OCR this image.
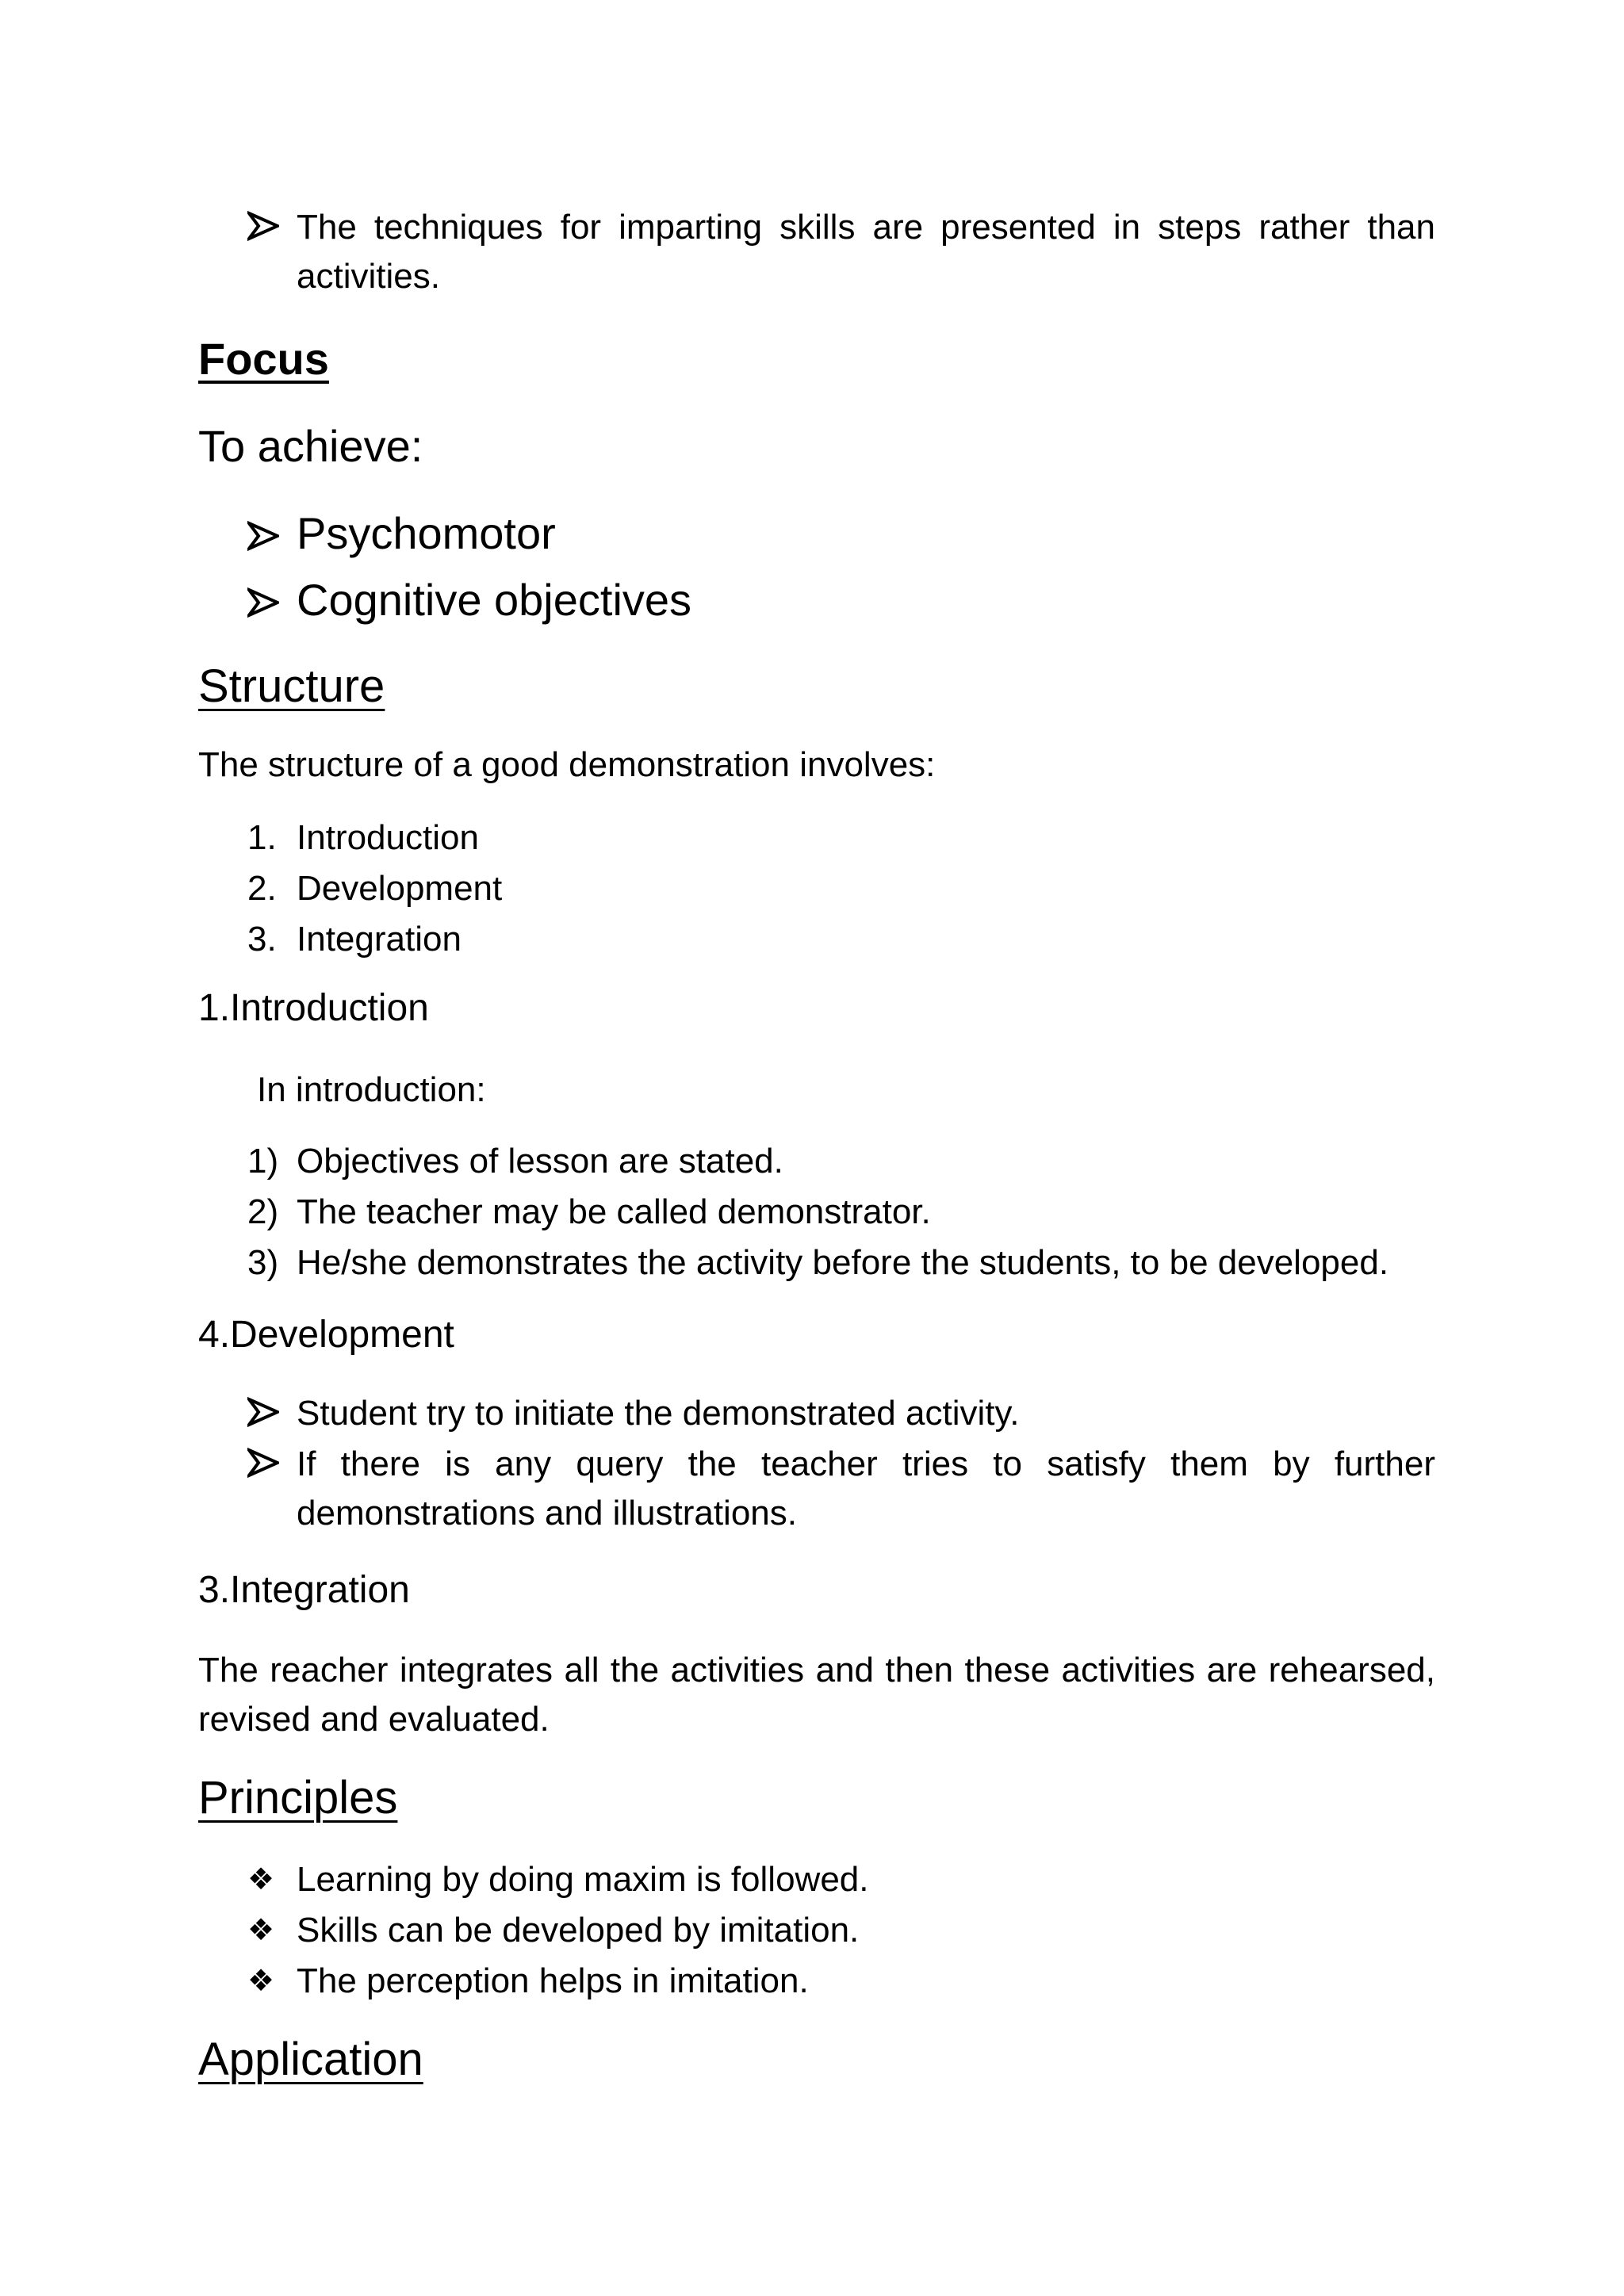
The techniques for imparting skills are presented in steps rather than activities.
Focus
To achieve:
Psychomotor
Cognitive objectives
Structure
The structure of a good demonstration involves:
1. Introduction
2. Development
3. Integration
1.Introduction
In introduction:
1) Objectives of lesson are stated.
2) The teacher may be called demonstrator.
3) He/she demonstrates the activity before the students, to be developed.
4.Development
Student try to initiate the demonstrated activity.
If there is any query the teacher tries to satisfy them by further demonstrations and illustrations.
3.Integration
The reacher integrates all the activities and then these activities are rehearsed, revised and evaluated.
Principles
❖ Learning by doing maxim is followed.
❖ Skills can be developed by imitation.
❖ The perception helps in imitation.
Application
